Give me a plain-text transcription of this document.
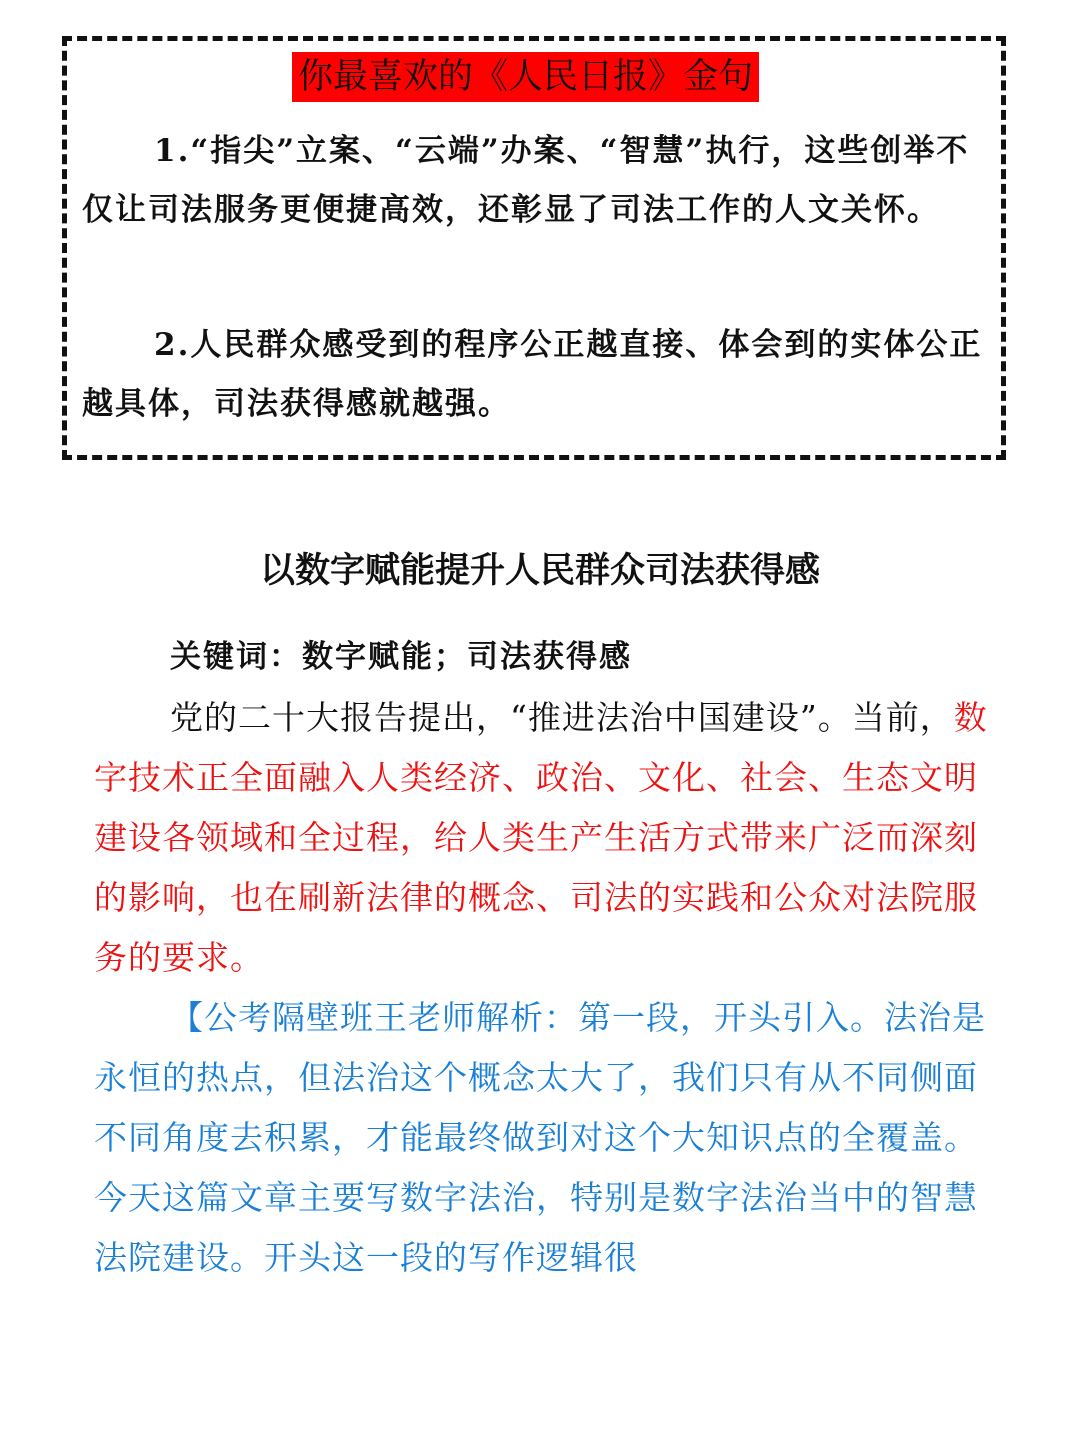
你最喜欢的《人民日报》金句

1.“指尖”立案、“云端”办案、“智慧”执行，这些创举不仅让司法服务更便捷高效，还彰显了司法工作的人文关怀。

2.人民群众感受到的程序公正越直接、体会到的实体公正越具体，司法获得感就越强。

以数字赋能提升人民群众司法获得感
关键词：数字赋能；司法获得感

党的二十大报告提出，“推进法治中国建设”。当前，数字技术正全面融入人类经济、政治、文化、社会、生态文明建设各领域和全过程，给人类生产生活方式带来广泛而深刻的影响，也在刷新法律的概念、司法的实践和公众对法院服务的要求。

【公考隔壁班王老师解析：第一段，开头引入。法治是永恒的热点，但法治这个概念太大了，我们只有从不同侧面不同角度去积累，才能最终做到对这个大知识点的全覆盖。今天这篇文章主要写数字法治，特别是数字法治当中的智慧法院建设。开头这一段的写作逻辑很
